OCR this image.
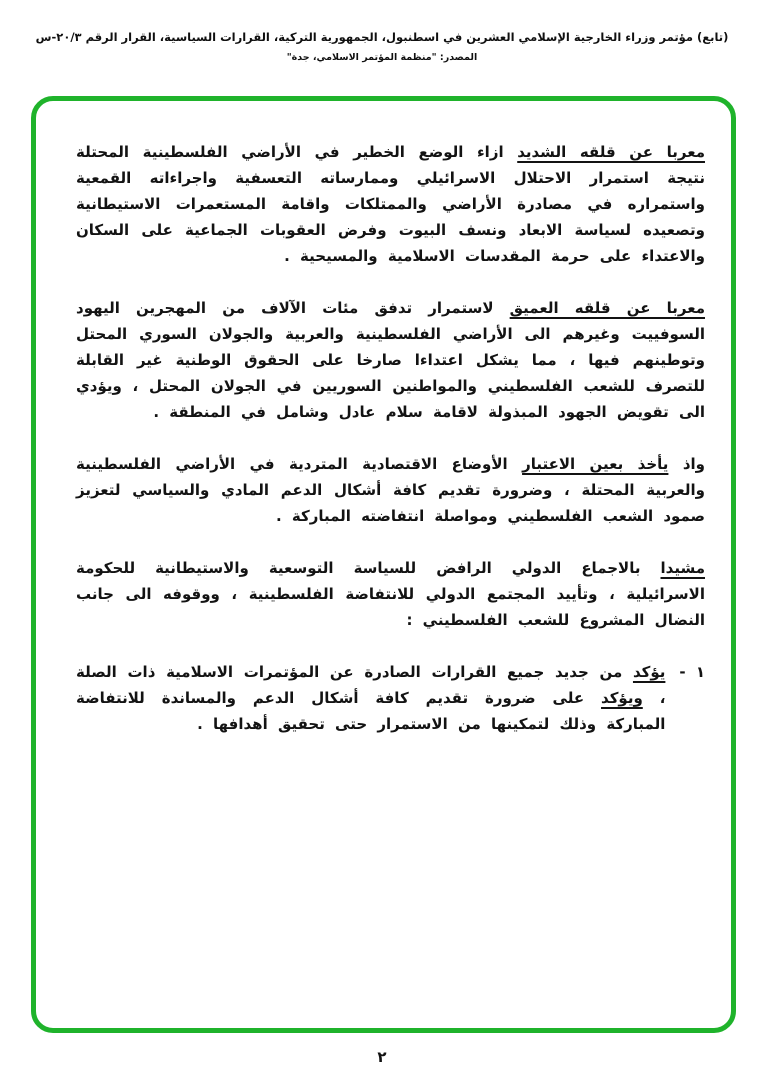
(تابع) مؤتمر وزراء الخارجية الإسلامي العشرين في اسطنبول، الجمهورية التركية، القرارات السياسية، القرار الرقم ٢٠/٣-س
المصدر: "منظمة المؤتمر الاسلامي، جدة"

معربا عن قلقه الشديد ازاء الوضع الخطير في الأراضي الفلسطينية المحتلة نتيجة استمرار الاحتلال الاسرائيلي وممارساته التعسفية واجراءاته القمعية واستمراره في مصادرة الأراضي والممتلكات واقامة المستعمرات الاستيطانية وتصعيده لسياسة الابعاد ونسف البيوت وفرض العقوبات الجماعية على السكان والاعتداء على حرمة المقدسات الاسلامية والمسيحية .

معربا عن قلقه العميق لاستمرار تدفق مئات الآلاف من المهجرين اليهود السوفييت وغيرهم الى الأراضي الفلسطينية والعربية والجولان السوري المحتل وتوطينهم فيها ، مما يشكل اعتداءا صارخا على الحقوق الوطنية غير القابلة للتصرف للشعب الفلسطيني والمواطنين السوريين في الجولان المحتل ، ويؤدي الى تقويض الجهود المبذولة لاقامة سلام عادل وشامل في المنطقة .

واذ يأخذ بعين الاعتبار الأوضاع الاقتصادية المتردية في الأراضي الفلسطينية والعربية المحتلة ، وضرورة تقديم كافة أشكال الدعم المادي والسياسي لتعزيز صمود الشعب الفلسطيني ومواصلة انتفاضته المباركة .

مشيدا بالاجماع الدولي الرافض للسياسة التوسعية والاستيطانية للحكومة الاسرائيلية ، وتأييد المجتمع الدولي للانتفاضة الفلسطينية ، ووقوفه الى جانب النضال المشروع للشعب الفلسطيني :

١ -

يؤكد من جديد جميع القرارات الصادرة عن المؤتمرات الاسلامية ذات الصلة ، ويؤكد على ضرورة تقديم كافة أشكال الدعم والمساندة للانتفاضة المباركة وذلك لتمكينها من الاستمرار حتى تحقيق أهدافها .

٢
